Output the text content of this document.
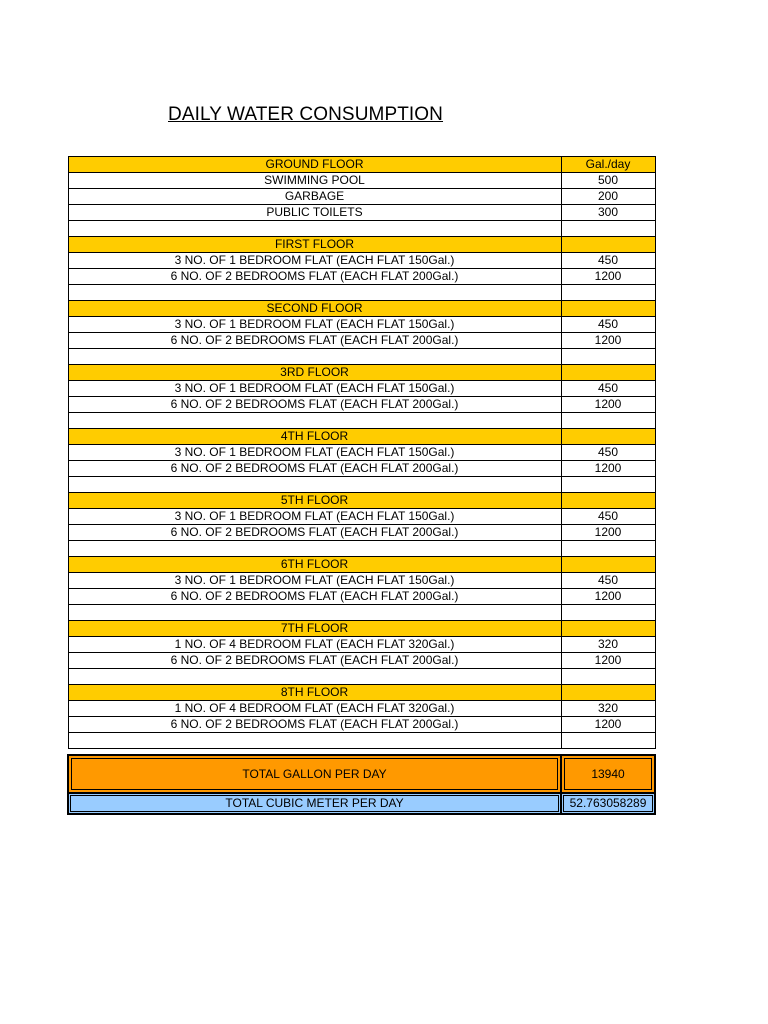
DAILY WATER CONSUMPTION
GROUND FLOOR	Gal./day
SWIMMING POOL	500
GARBAGE	200
PUBLIC TOILETS	300

FIRST FLOOR	
3 NO. OF 1 BEDROOM FLAT (EACH FLAT 150Gal.)	450
6 NO. OF 2 BEDROOMS FLAT (EACH FLAT 200Gal.)	1200

SECOND FLOOR	
3 NO. OF 1 BEDROOM FLAT (EACH FLAT 150Gal.)	450
6 NO. OF 2 BEDROOMS FLAT (EACH FLAT 200Gal.)	1200

3RD FLOOR	
3 NO. OF 1 BEDROOM FLAT (EACH FLAT 150Gal.)	450
6 NO. OF 2 BEDROOMS FLAT (EACH FLAT 200Gal.)	1200

4TH FLOOR	
3 NO. OF 1 BEDROOM FLAT (EACH FLAT 150Gal.)	450
6 NO. OF 2 BEDROOMS FLAT (EACH FLAT 200Gal.)	1200

5TH FLOOR	
3 NO. OF 1 BEDROOM FLAT (EACH FLAT 150Gal.)	450
6 NO. OF 2 BEDROOMS FLAT (EACH FLAT 200Gal.)	1200

6TH FLOOR	
3 NO. OF 1 BEDROOM FLAT (EACH FLAT 150Gal.)	450
6 NO. OF 2 BEDROOMS FLAT (EACH FLAT 200Gal.)	1200

7TH FLOOR	
1 NO. OF 4 BEDROOM FLAT (EACH FLAT 320Gal.)	320
6 NO. OF 2 BEDROOMS FLAT (EACH FLAT 200Gal.)	1200

8TH FLOOR	
1 NO. OF 4 BEDROOM FLAT (EACH FLAT 320Gal.)	320
6 NO. OF 2 BEDROOMS FLAT (EACH FLAT 200Gal.)	1200

TOTAL GALLON PER DAY	13940

TOTAL CUBIC METER PER DAY	52.763058289
